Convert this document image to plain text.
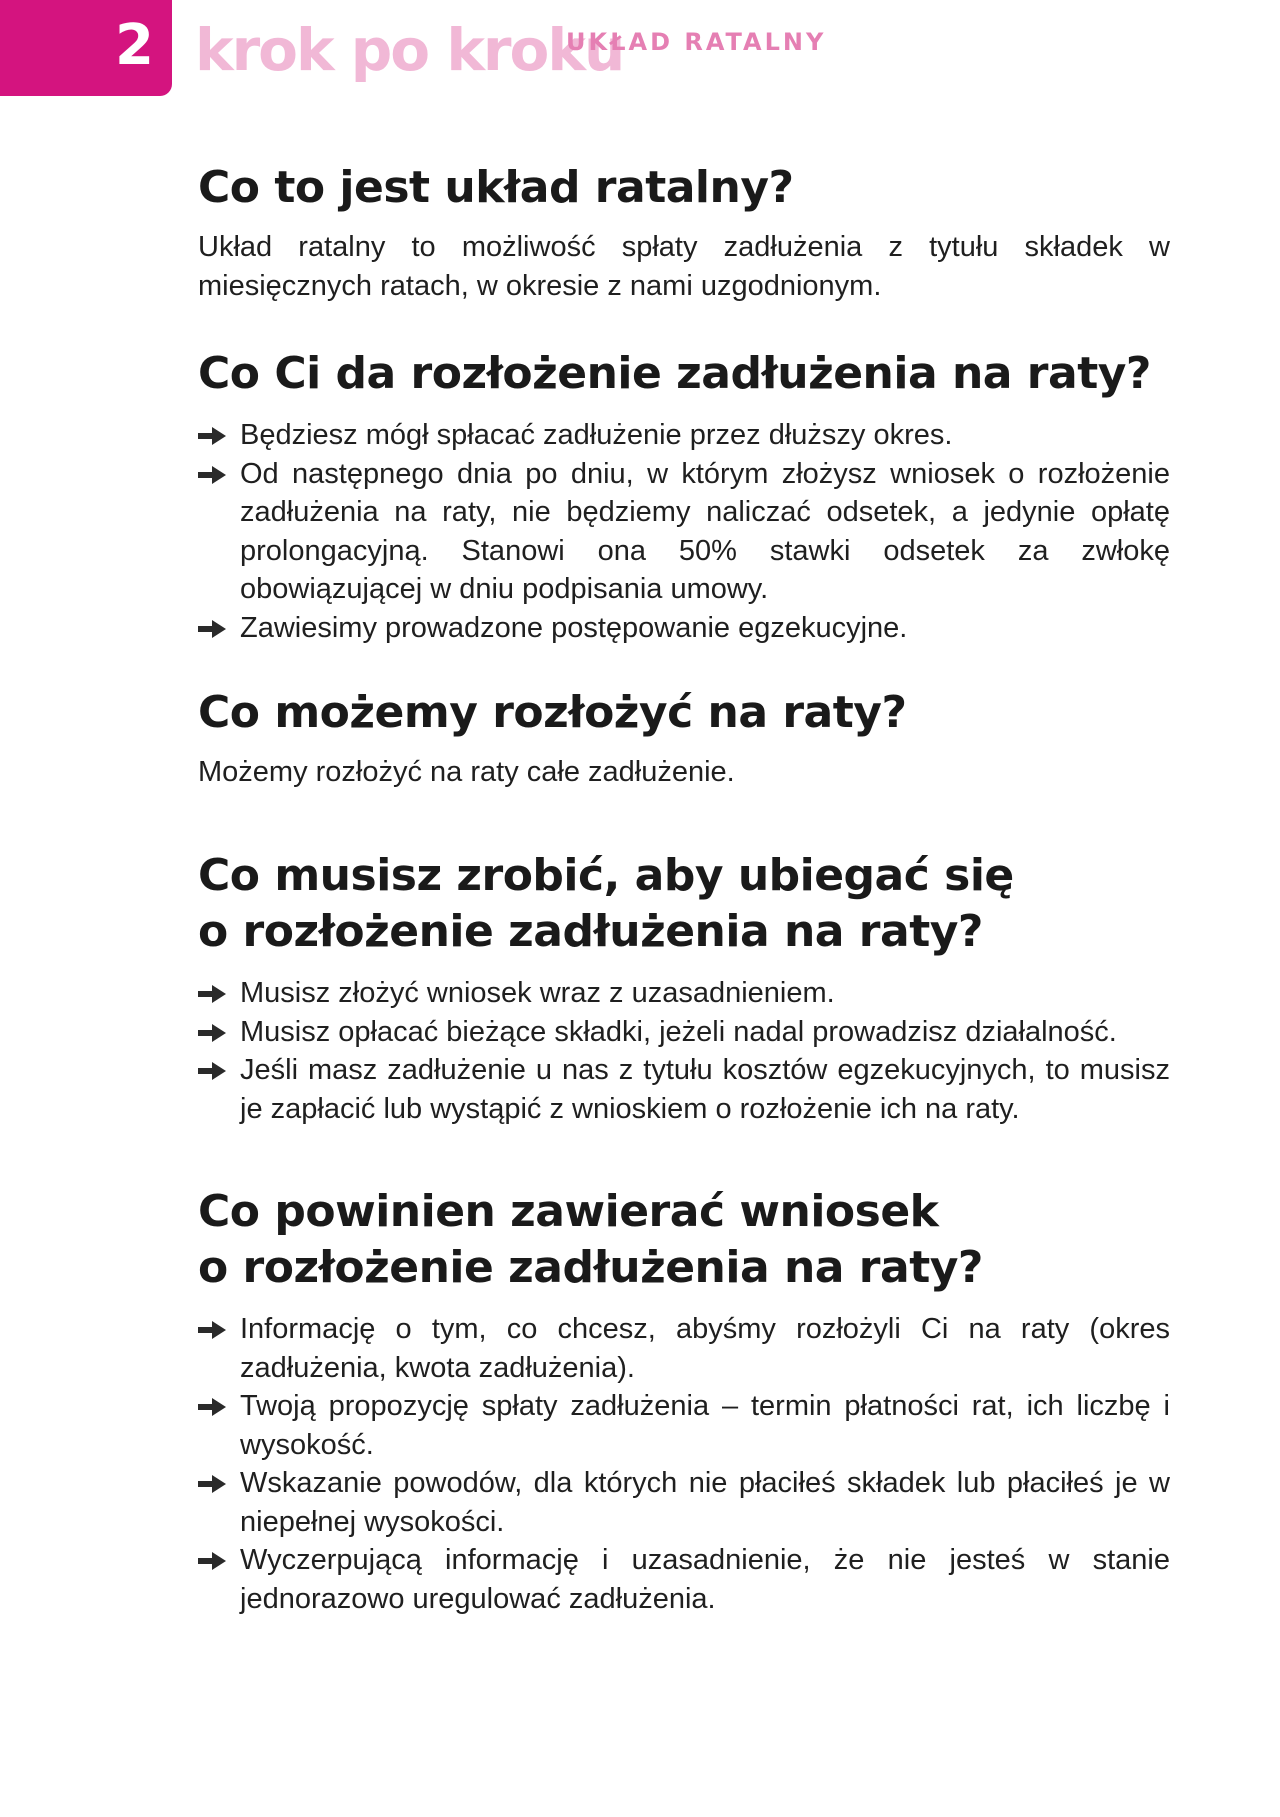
2 krok po kroku
UKŁAD RATALNY
Co to jest układ ratalny?

Układ ratalny to możliwość spłaty zadłużenia z tytułu składek w miesięcznych ratach, w okresie z nami uzgodnionym.

Co Ci da rozłożenie zadłużenia na raty?
Będziesz mógł spłacać zadłużenie przez dłuższy okres.
Od następnego dnia po dniu, w którym złożysz wniosek o rozłożenie zadłużenia na raty, nie będziemy naliczać odsetek, a jedynie opłatę prolongacyjną. Stanowi ona 50% stawki odsetek za zwłokę obowiązującej w dniu podpisania umowy.
Zawiesimy prowadzone postępowanie egzekucyjne.
Co możemy rozłożyć na raty?

Możemy rozłożyć na raty całe zadłużenie.

Co musisz zrobić, aby ubiegać się
o rozłożenie zadłużenia na raty?
Musisz złożyć wniosek wraz z uzasadnieniem.
Musisz opłacać bieżące składki, jeżeli nadal prowadzisz działalność.
Jeśli masz zadłużenie u nas z tytułu kosztów egzekucyjnych, to musisz je zapłacić lub wystąpić z wnioskiem o rozłożenie ich na raty.
Co powinien zawierać wniosek
o rozłożenie zadłużenia na raty?
Informację o tym, co chcesz, abyśmy rozłożyli Ci na raty (okres zadłużenia, kwota zadłużenia).
Twoją propozycję spłaty zadłużenia – termin płatności rat, ich liczbę i wysokość.
Wskazanie powodów, dla których nie płaciłeś składek lub płaciłeś je w niepełnej wysokości.
Wyczerpującą informację i uzasadnienie, że nie jesteś w stanie jednorazowo uregulować zadłużenia.
